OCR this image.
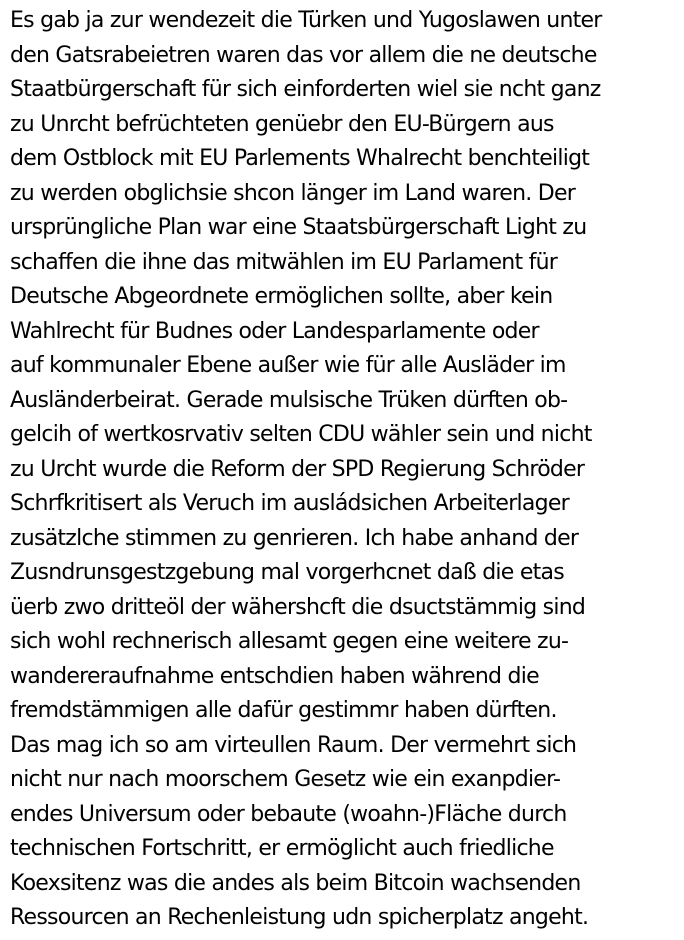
Es gab ja zur wendezeit die Türken und Yugoslawen unter
den Gatsrabeietren waren das vor allem die ne deutsche
Staatbürgerschaft für sich einforderten wiel sie ncht ganz
zu Unrcht befrüchteten genüebr den EU-Bürgern aus
dem Ostblock mit EU Parlements Whalrecht benchteiligt
zu werden obglichsie shcon länger im Land waren. Der
ursprüngliche Plan war eine Staatsbürgerschaft Light zu
schaffen die ihne das mitwählen im EU Parlament für
Deutsche Abgeordnete ermöglichen sollte, aber kein
Wahlrecht für Budnes oder Landesparlamente oder
auf kommunaler Ebene außer wie für alle Ausläder im
Ausländerbeirat. Gerade mulsische Trüken dürften ob-
gelcih of wertkosrvativ selten CDU wähler sein und nicht
zu Urcht wurde die Reform der SPD Regierung Schröder
Schrfkritisert als Veruch im ausládsichen Arbeiterlager
zusätzlche stimmen zu genrieren. Ich habe anhand der
Zusndrunsgestzgebung mal vorgerhcnet daß die etas
üerb zwo dritteöl der wähershcft die dsuctstämmig sind
sich wohl rechnerisch allesamt gegen eine weitere zu-
wandereraufnahme entschdien haben während die
fremdstämmigen alle dafür gestimmr haben dürften.
Das mag ich so am virteullen Raum. Der vermehrt sich
nicht nur nach moorschem Gesetz wie ein exanpdier-
endes Universum oder bebaute (woahn-)Fläche durch
technischen Fortschritt, er ermöglicht auch friedliche
Koexsitenz was die andes als beim Bitcoin wachsenden
Ressourcen an Rechenleistung udn spicherplatz angeht.
